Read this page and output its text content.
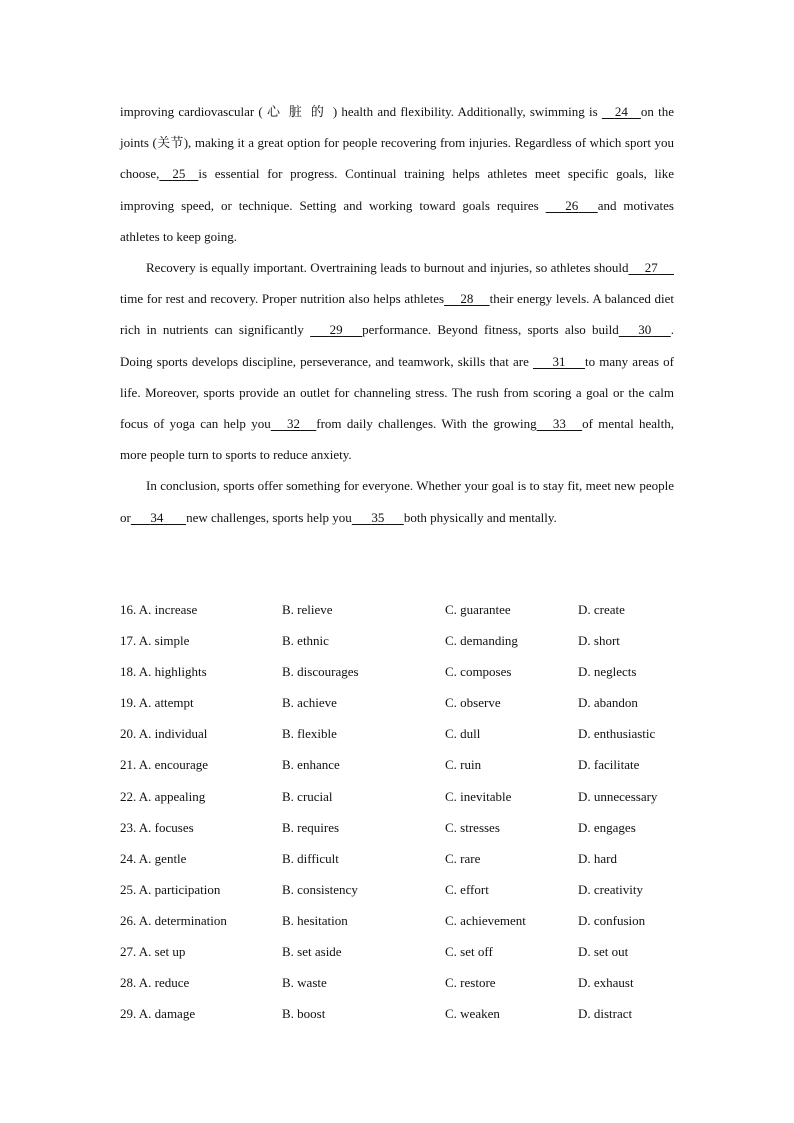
improving cardiovascular ( 心脏的) health and flexibility. Additionally, swimming is     24 on the joints (关节), making it a great option for people recovering from injuries. Regardless of which sport you choose, 25 is essential for progress. Continual training helps athletes meet specific goals, like improving speed, or technique. Setting and working toward goals requires       26 and motivates athletes to keep going.

Recovery is equally important. Overtraining leads to burnout and injuries, so athletes should 27     time for rest and recovery. Proper nutrition also helps athletes 28 their energy levels. A balanced diet rich in nutrients can significantly       29 performance. Beyond fitness, sports also build 30 . Doing sports develops discipline, perseverance, and teamwork, skills that are       31 to many areas of life. Moreover, sports provide an outlet for channeling stress. The rush from scoring a goal or the calm focus of yoga can help you 32 from daily challenges. With the growing 33 of mental health, more people turn to sports to reduce anxiety.

In conclusion, sports offer something for everyone. Whether your goal is to stay fit, meet new people or 34 new challenges, sports help you 35 both physically and mentally.

16. A. increase	B. relieve	C. guarantee	D. create
17. A. simple	B. ethnic	C. demanding	D. short
18. A. highlights	B. discourages	C. composes	D. neglects
19. A. attempt	B. achieve	C. observe	D. abandon
20. A. individual	B. flexible	C. dull	D. enthusiastic
21. A. encourage	B. enhance	C. ruin	D. facilitate
22. A. appealing	B. crucial	C. inevitable	D. unnecessary
23. A. focuses	B. requires	C. stresses	D. engages
24. A. gentle	B. difficult	C. rare	D. hard
25. A. participation	B. consistency	C. effort	D. creativity
26. A. determination	B. hesitation	C. achievement	D. confusion
27. A. set up	B. set aside	C. set off	D. set out
28. A. reduce	B. waste	C. restore	D. exhaust
29. A. damage	B. boost	C. weaken	D. distract
